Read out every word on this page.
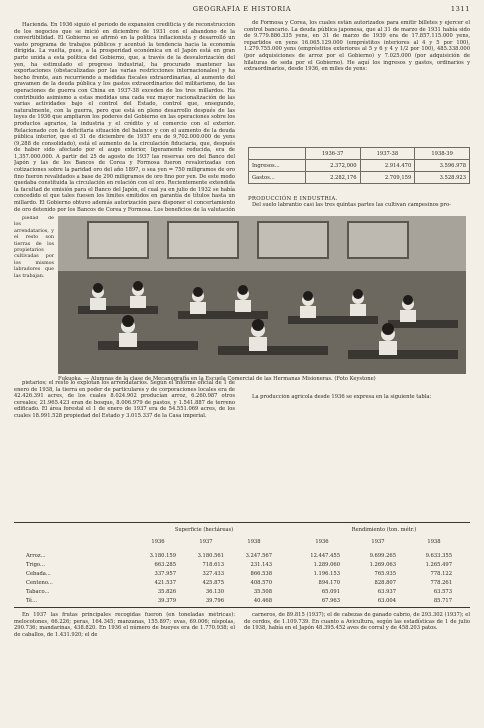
GEOGRAFÍA E HISTORIA	1311

Hacienda. En 1936 siguió el período de expansión crediticia y de reconstrucción de los negocios que se inició en diciembre de 1931 con el abandono de la convertibilidad. El Gobierno se afirmó en la política inflacionista y desarrolló un vasto programa de trabajos públicos y acentuó la tendencia hacia la economía dirigida. La vuelta, pues, a la prosperidad económica en el Japón está en gran parte unida a esta política del Gobierno, que, a través de la desvalorización del yen, ha estimulado el progreso industrial, ha procurado mantener las exportaciones (obstaculizadas por las varias restricciones internacionales) y ha hecho frente, aun recurriendo a medidas fiscales extraordinarias, al aumento del gravamen de la deuda pública y los gastos extraordinarios del militarismo, de las operaciones de guerra con China en 1937-38 exceden de los tres millardos. Ha contribuido asimismo a estas medidas una cada vez mayor racionalización de las varias actividades bajo el control del Estado, control que, ensegundo, naturalmente, con la guerra, pero que está en pleno desarrollo después de las leyes de 1936 que ampliaron los poderes del Gobierno en las operaciones sobre los productos agrarios, la industria y el crédito y el comercio con el exterior. Relacionado con la deficitaria situación del balance y con el aumento de la deuda pública interior, que el 31 de diciembre de 1937 era de 9,702.000.000 de yens (9,288 de consolidado), está el aumento de la circulación fiduciaria, que, después de haber sido afectado por el auge exterior, ligeramente reducida, era de 1,357.000.000. A partir del 25 de agosto de 1937 las reservas oro del Banco del Japón y las de los Bancos de Corea y Formosa fueron revalorizadas con cotizaciones sobre la paridad oro del año 1897, o sea yen = 750 miligramos de oro fino fueron revalidados a base de 290 miligramos de oro fino por yen. De este modo quedaba constituida la circulación en relación con el oro. Recientemente extendida la facultad de emisión para el Banco del Japón, el cual ya en julio de 1932 se había concedido el que tales fuesen los límites emitidos en garantía de títulos hasta un millardo. El Gobierno obtuvo además autorización para disponer el concertamiento de oro detenido por los Bancos de Corea y Formosa. Los beneficios de la valutación

de Formosa y Corea, los cuales están autorizados para emitir billetes y ejercer el control bancario. La deuda pública japonesa, que al 31 de marzo de 1931 había sido de 9.779.886.335 yens, en 31 de marzo de 1939 era de 17.857.115.000 yens, repartidos en yens 16.065.129.000 (empréstitos interiores al 4 y 5 por 100), 1.279.755.000 yens (empréstitos exteriores al 5 y 6 y 4 y 1/2 por 100), 485.338.000 (por adquisiciones de arroz por el Gobierno) y 7.025.000 (por adquisición de hilaturas de seda por el Gobierno). He aquí los ingresos y gastos, ordinarios y extraordinarios, desde 1936, en miles de yens:

	1936-37	1937-38	1938-39
Ingresos...	2.372,000	2.914.470	3.596.978
Gastos...	2.282,176	2.709,159	3.528.923
PRODUCCIÓN E INDUSTRIA.

Del suelo labrantío casi las tres quintas partes las cultivan campesinos pro-

piedad de los arrendatarios, y el resto son tierras de los propietarios cultivadas por los mismos labradores que las trabajan.

Fukuoka. — Alumnas de la clase de Mecanografía en la Escuela Comercial de las Hermanas Misioneras. (Foto Keystone)

pietarios; el resto lo explotan los arrendatarios. Según el informe oficial de 1 de enero de 1938, la tierra en poder de particulares y de corporaciones locales era de 42.426.391 acres, de los cuales 8.024.902 producían arroz, 6.260.987 otros cereales; 21.965.423 eran de bosque, 8.006.979 de pastos, y 1.541.887 de terreno edificado. El área forestal el 1 de enero de 1937 era de 54.551.069 acres, de los cuales 18.991.528 propiedad del Estado y 3.015.337 de la Casa imperial.

La producción agrícola desde 1936 se expresa en la siguiente tabla:

Superficie (hectáreas)	Rendimiento (ton. métr.)
1936	1937	1938	1936	1937	1938
Arroz...	3.180.159	3.180.561	3.247.567	12.447.455	9.699.265	9.633.355
Trigo...	663.285	718.613	231.143	1.289.060	1.269.063	1.265.497
Cebada...	337.957	327.433	866.538	1.196.153	765.935	778.122
Centeno...	421.537	425.875	408.570	894.170	828.807	778.261
Tabaco...	35.826	36.130	35.508	65.091	63.937	63.573
Té...	39.379	39.796	40.468	67.963	63.004	85.717

En 1937 las frutas principales recogidas fueron (en toneladas métricas): melocotones, 66.226; peras, 164.345; manzanas, 155.897; uvas, 69.006; níspolas, 290.736; mandarinas, 438.820. En 1936 el número de bueyes era de 1.770.938; el de caballos, de 1.431.920; el de

carneros, de 89.815 (1937); el de cabezas de ganado cabrío, de 293.302 (1937); el de cerdos, de 1.109.739. En cuanto a Avicultura, según las estadísticas de 1 de julio de 1938, había en el Japón 48.395.452 aves de corral y de 458.203 patos.
